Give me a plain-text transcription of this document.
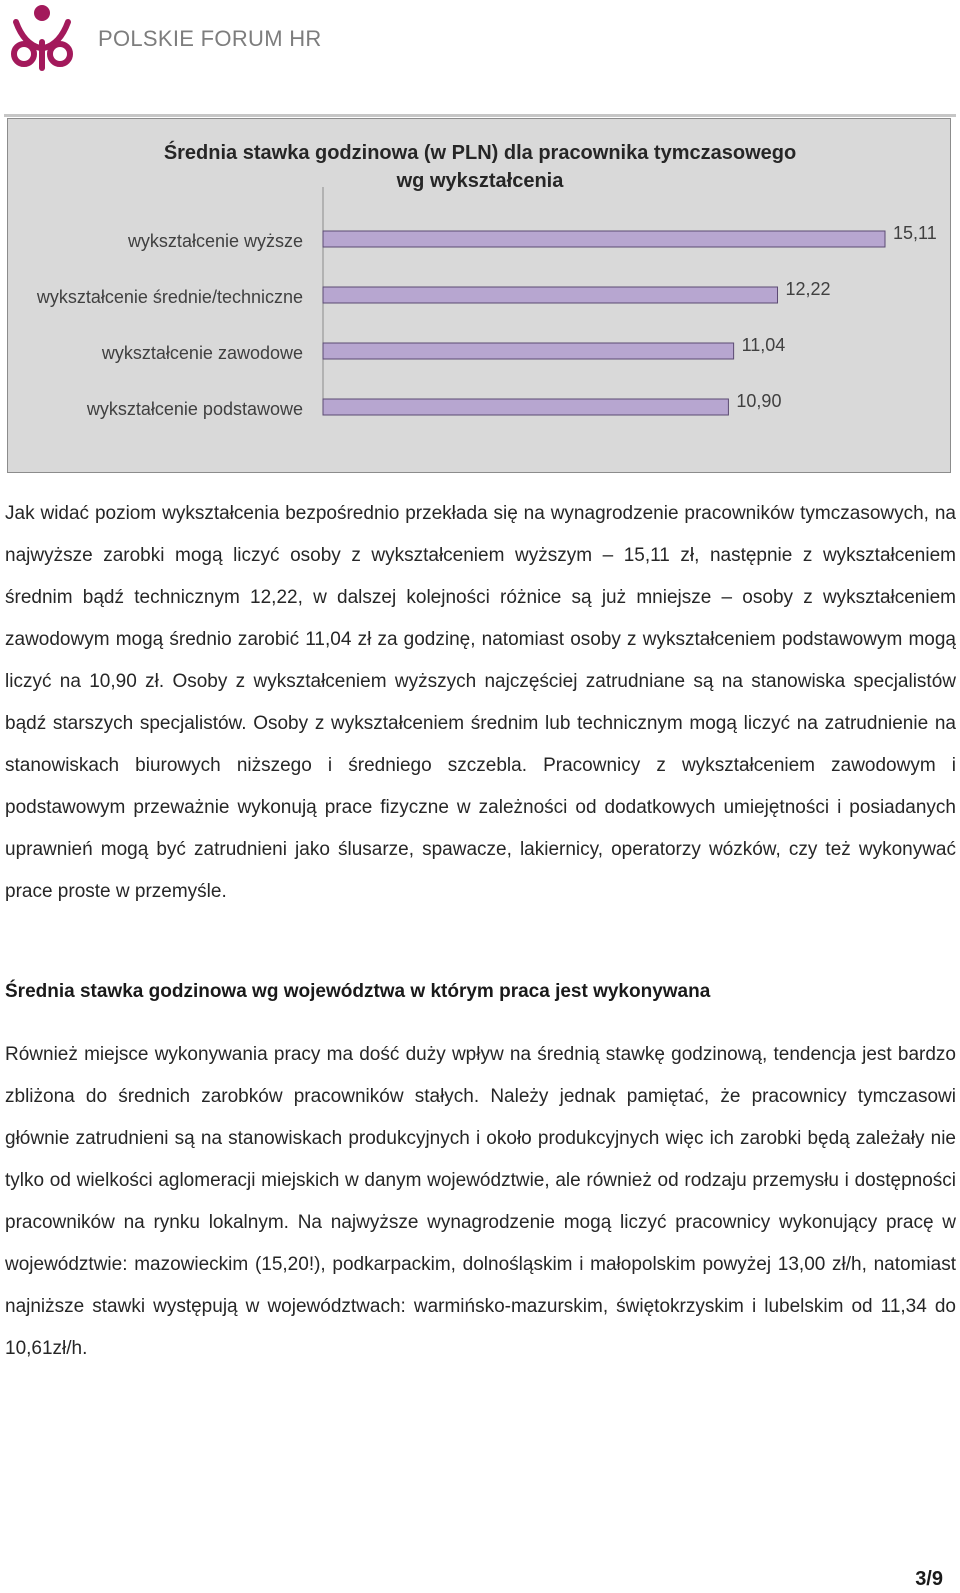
POLSKIE FORUM HR
Średnia stawka godzinowa (w PLN) dla pracownika tymczasowego wg wykształcenia
wykształcenie wyższe	15,11
wykształcenie średnie/techniczne	12,22
wykształcenie zawodowe	11,04
wykształcenie podstawowe	10,90
Jak widać poziom wykształcenia bezpośrednio przekłada się na wynagrodzenie pracowników tymczasowych, na najwyższe zarobki mogą liczyć osoby z wykształceniem wyższym – 15,11 zł, następnie z wykształceniem średnim bądź technicznym 12,22, w dalszej kolejności różnice są już mniejsze – osoby z wykształceniem zawodowym mogą średnio zarobić 11,04 zł za godzinę, natomiast osoby z wykształceniem podstawowym mogą liczyć na 10,90 zł. Osoby z wykształceniem wyższych najczęściej zatrudniane są na stanowiska specjalistów bądź starszych specjalistów. Osoby z wykształceniem średnim lub technicznym mogą liczyć na zatrudnienie na stanowiskach biurowych niższego i średniego szczebla. Pracownicy z wykształceniem zawodowym i podstawowym przeważnie wykonują prace fizyczne w zależności od dodatkowych umiejętności i posiadanych uprawnień mogą być zatrudnieni jako ślusarze, spawacze, lakiernicy, operatorzy wózków, czy też wykonywać prace proste w przemyśle.
Średnia stawka godzinowa wg województwa w którym praca jest wykonywana
Również miejsce wykonywania pracy ma dość duży wpływ na średnią stawkę godzinową, tendencja jest bardzo zbliżona do średnich zarobków pracowników stałych. Należy jednak pamiętać, że pracownicy tymczasowi głównie zatrudnieni są na stanowiskach produkcyjnych i około produkcyjnych więc ich zarobki będą zależały nie tylko od wielkości aglomeracji miejskich w danym województwie, ale również od rodzaju przemysłu i dostępności pracowników na rynku lokalnym. Na najwyższe wynagrodzenie mogą liczyć pracownicy wykonujący pracę w województwie: mazowieckim (15,20!), podkarpackim, dolnośląskim i małopolskim powyżej 13,00 zł/h, natomiast najniższe stawki występują w województwach: warmińsko-mazurskim, świętokrzyskim i lubelskim od 11,34 do 10,61zł/h.
3/9
